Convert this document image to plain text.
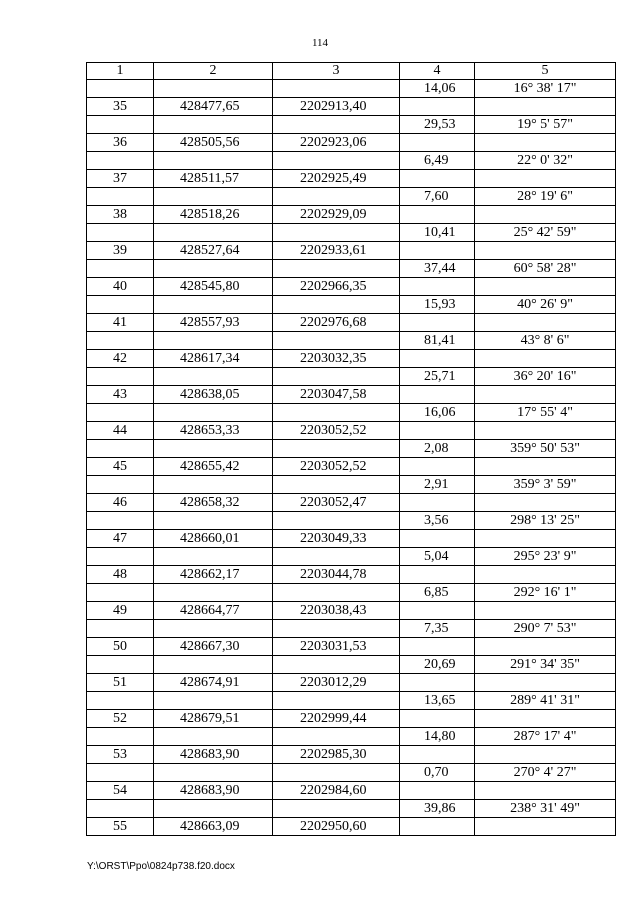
114
1	2	3	4	5
			14,06	16° 38' 17"
35	428477,65	2202913,40		
			29,53	19° 5' 57"
36	428505,56	2202923,06		
			6,49	22° 0' 32"
37	428511,57	2202925,49		
			7,60	28° 19' 6"
38	428518,26	2202929,09		
			10,41	25° 42' 59"
39	428527,64	2202933,61		
			37,44	60° 58' 28"
40	428545,80	2202966,35		
			15,93	40° 26' 9"
41	428557,93	2202976,68		
			81,41	43° 8' 6"
42	428617,34	2203032,35		
			25,71	36° 20' 16"
43	428638,05	2203047,58		
			16,06	17° 55' 4"
44	428653,33	2203052,52		
			2,08	359° 50' 53"
45	428655,42	2203052,52		
			2,91	359° 3' 59"
46	428658,32	2203052,47		
			3,56	298° 13' 25"
47	428660,01	2203049,33		
			5,04	295° 23' 9"
48	428662,17	2203044,78		
			6,85	292° 16' 1"
49	428664,77	2203038,43		
			7,35	290° 7' 53"
50	428667,30	2203031,53		
			20,69	291° 34' 35"
51	428674,91	2203012,29		
			13,65	289° 41' 31"
52	428679,51	2202999,44		
			14,80	287° 17' 4"
53	428683,90	2202985,30		
			0,70	270° 4' 27"
54	428683,90	2202984,60		
			39,86	238° 31' 49"
55	428663,09	2202950,60		
Y:\ORST\Ppo\0824p738.f20.docx
